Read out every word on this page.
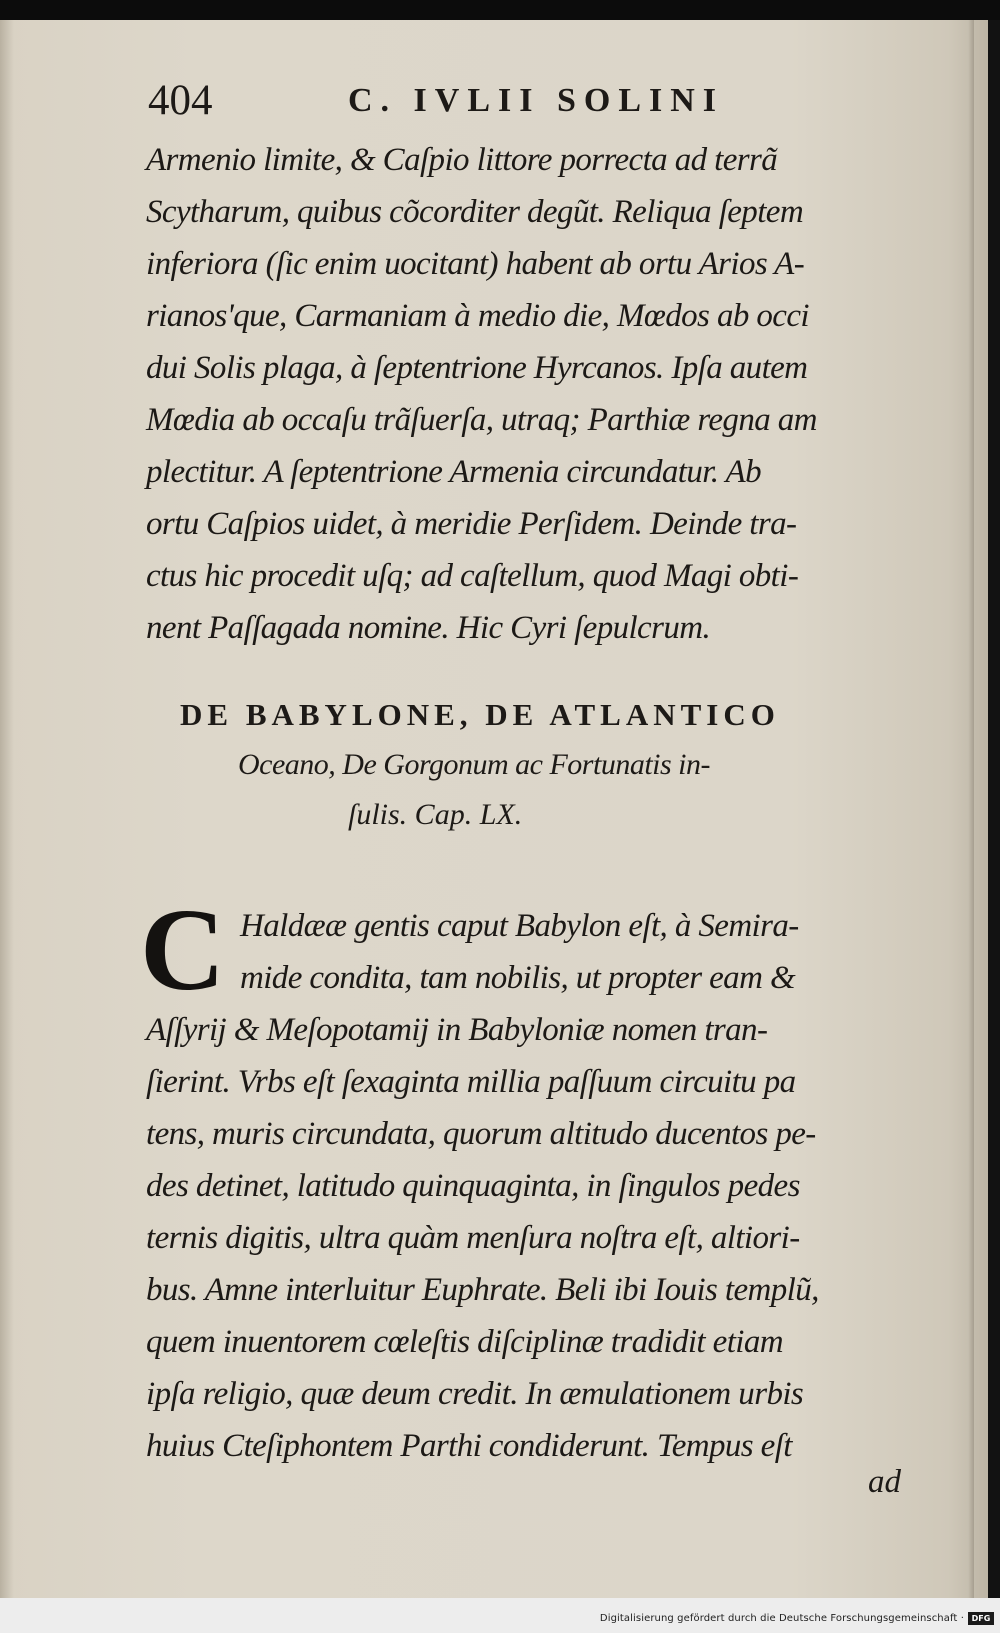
404	C. IVLII SOLINI
Armenio limite, & Caſpio littore porrecta ad terrã
Scytharum, quibus cõcorditer degũt. Reliqua ſeptem
inferiora (ſic enim uocitant) habent ab ortu Arios A-
rianos'que, Carmaniam à medio die, Mœdos ab occi
dui Solis plaga, à ſeptentrione Hyrcanos. Ipſa autem
Mœdia ab occaſu trãſuerſa, utraq; Parthiæ regna am
plectitur. A ſeptentrione Armenia circundatur. Ab
ortu Caſpios uidet, à meridie Perſidem. Deinde tra-
ctus hic procedit uſq; ad caſtellum, quod Magi obti-
nent Paſſagada nomine. Hic Cyri ſepulcrum.
DE BABYLONE, DE ATLANTICO
Oceano, De Gorgonum ac Fortunatis in-
ſulis. Cap. LX.
C Haldææ gentis caput Babylon eſt, à Semira-
mide condita, tam nobilis, ut propter eam &
Aſſyrij & Meſopotamij in Babyloniæ nomen tran-
ſierint. Vrbs eſt ſexaginta millia paſſuum circuitu pa
tens, muris circundata, quorum altitudo ducentos pe-
des detinet, latitudo quinquaginta, in ſingulos pedes
ternis digitis, ultra quàm menſura noſtra eſt, altiori-
bus. Amne interluitur Euphrate. Beli ibi Iouis templũ,
quem inuentorem cœleſtis diſciplinæ tradidit etiam
ipſa religio, quæ deum credit. In æmulationem urbis
huius Cteſiphontem Parthi condiderunt. Tempus eſt
ad
Digitalisierung gefördert durch die Deutsche Forschungsgemeinschaft · DFG
